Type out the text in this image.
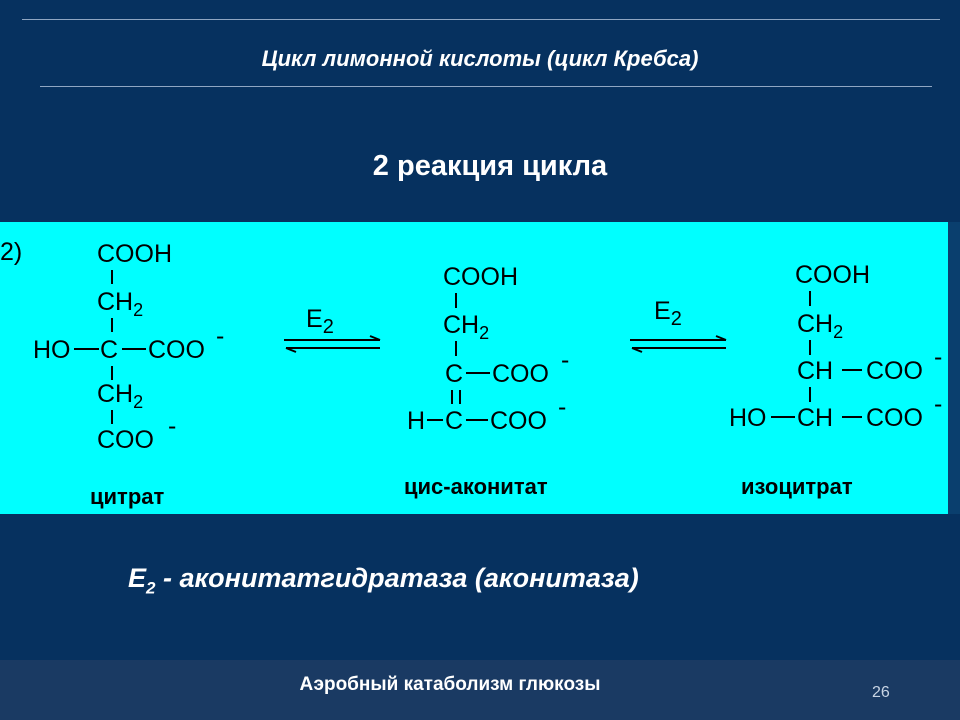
Цикл лимонной кислоты (цикл Кребса)
2 реакция цикла
2)	COOH
$CH_2$
HO C COO -
$CH_2$
COO -
цитрат
$E_2$
COOH
$CH_2$
C COO -
H C COO -
цис-аконитат
$E_2$
COOH
$CH_2$
CH COO -
HO CH COO -
изоцитрат
$E_2$ - аконитатгидратаза (аконитаза)
Аэробный катаболизм глюкозы	26
